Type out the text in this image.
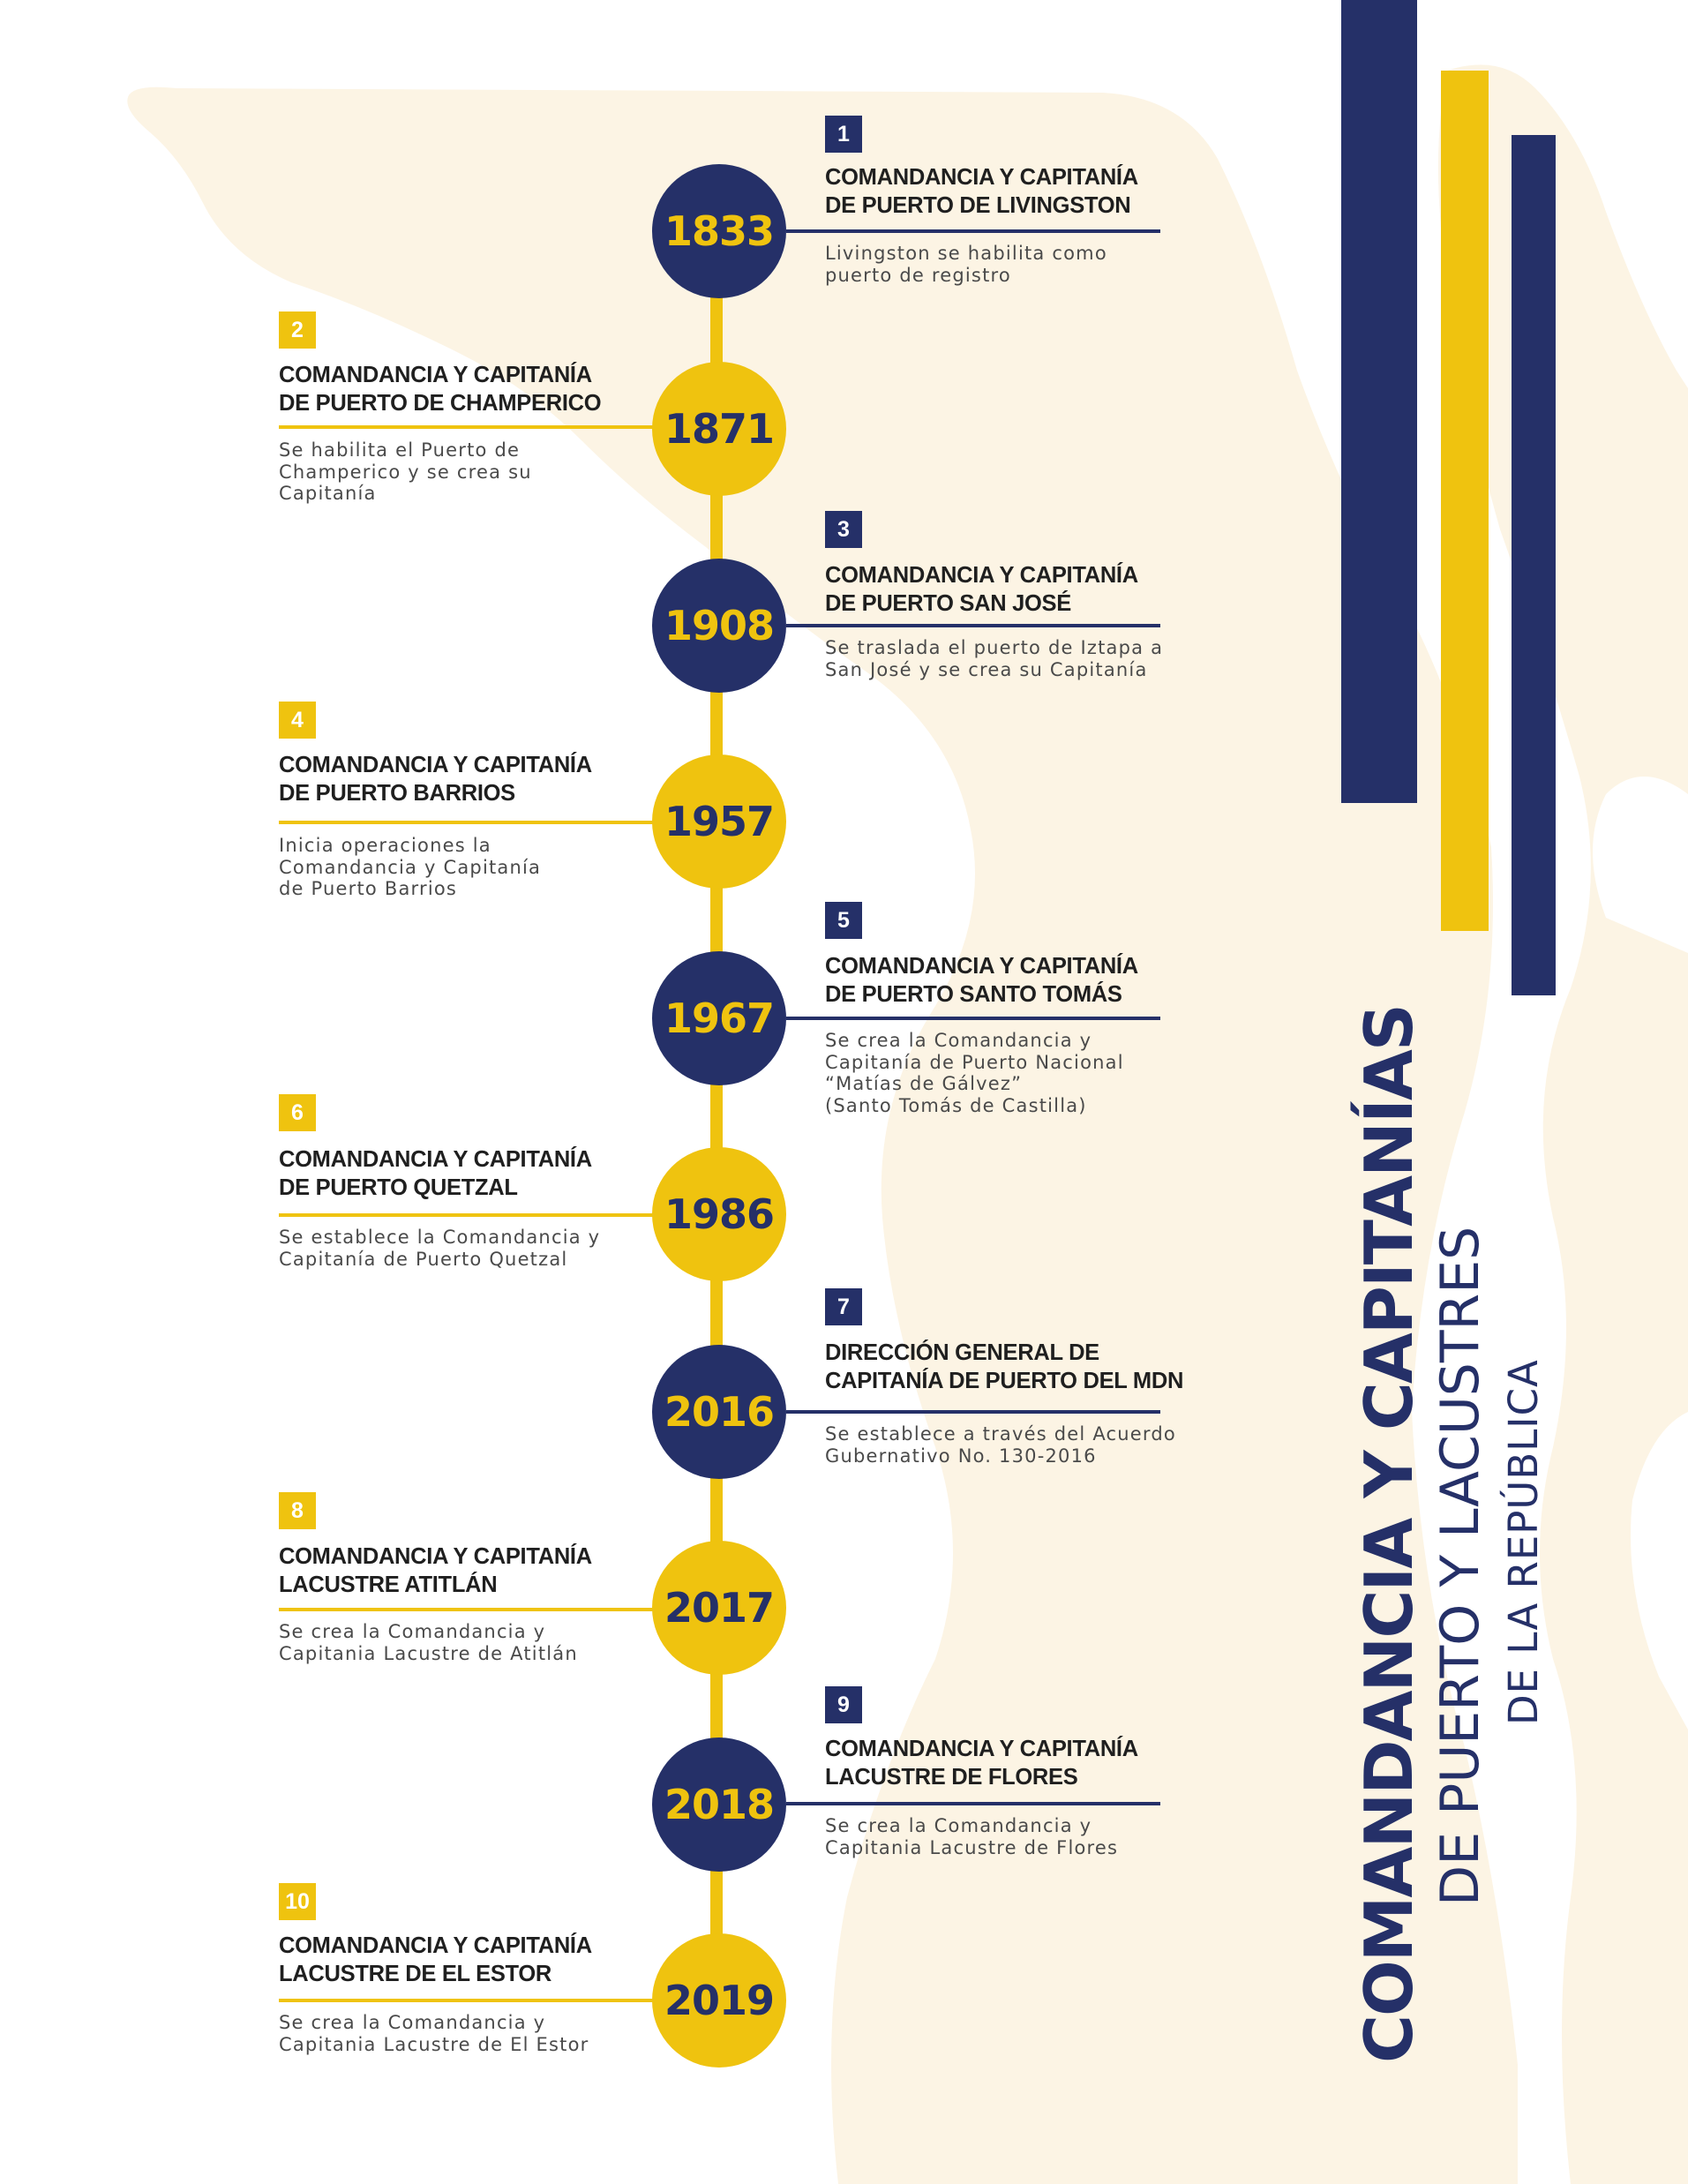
COMANDANCIA Y CAPITANÍAS DE PUERTO Y LACUSTRES DE LA REPÚBLICA
1833
1
COMANDANCIA Y CAPITANÍA
DE PUERTO DE LIVINGSTON
Livingston se habilita como
puerto de registro
1871
2
COMANDANCIA Y CAPITANÍA
DE PUERTO DE CHAMPERICO
Se habilita el Puerto de
Champerico y se crea su
Capitanía
1908
3
COMANDANCIA Y CAPITANÍA
DE PUERTO SAN JOSÉ
Se traslada el puerto de Iztapa a
San José y se crea su Capitanía
1957
4
COMANDANCIA Y CAPITANÍA
DE PUERTO BARRIOS
Inicia operaciones la
Comandancia y Capitanía
de Puerto Barrios
1967
5
COMANDANCIA Y CAPITANÍA
DE PUERTO SANTO TOMÁS
Se crea la Comandancia y
Capitanía de Puerto Nacional
“Matías de Gálvez”
(Santo Tomás de Castilla)
1986
6
COMANDANCIA Y CAPITANÍA
DE PUERTO QUETZAL
Se establece la Comandancia y
Capitanía de Puerto Quetzal
2016
7
DIRECCIÓN GENERAL DE
CAPITANÍA DE PUERTO DEL MDN
Se establece a través del Acuerdo
Gubernativo No. 130-2016
2017
8
COMANDANCIA Y CAPITANÍA
LACUSTRE ATITLÁN
Se crea la Comandancia y
Capitania Lacustre de Atitlán
2018
9
COMANDANCIA Y CAPITANÍA
LACUSTRE DE FLORES
Se crea la Comandancia y
Capitania Lacustre de Flores
2019
10
COMANDANCIA Y CAPITANÍA
LACUSTRE DE EL ESTOR
Se crea la Comandancia y
Capitania Lacustre de El Estor
